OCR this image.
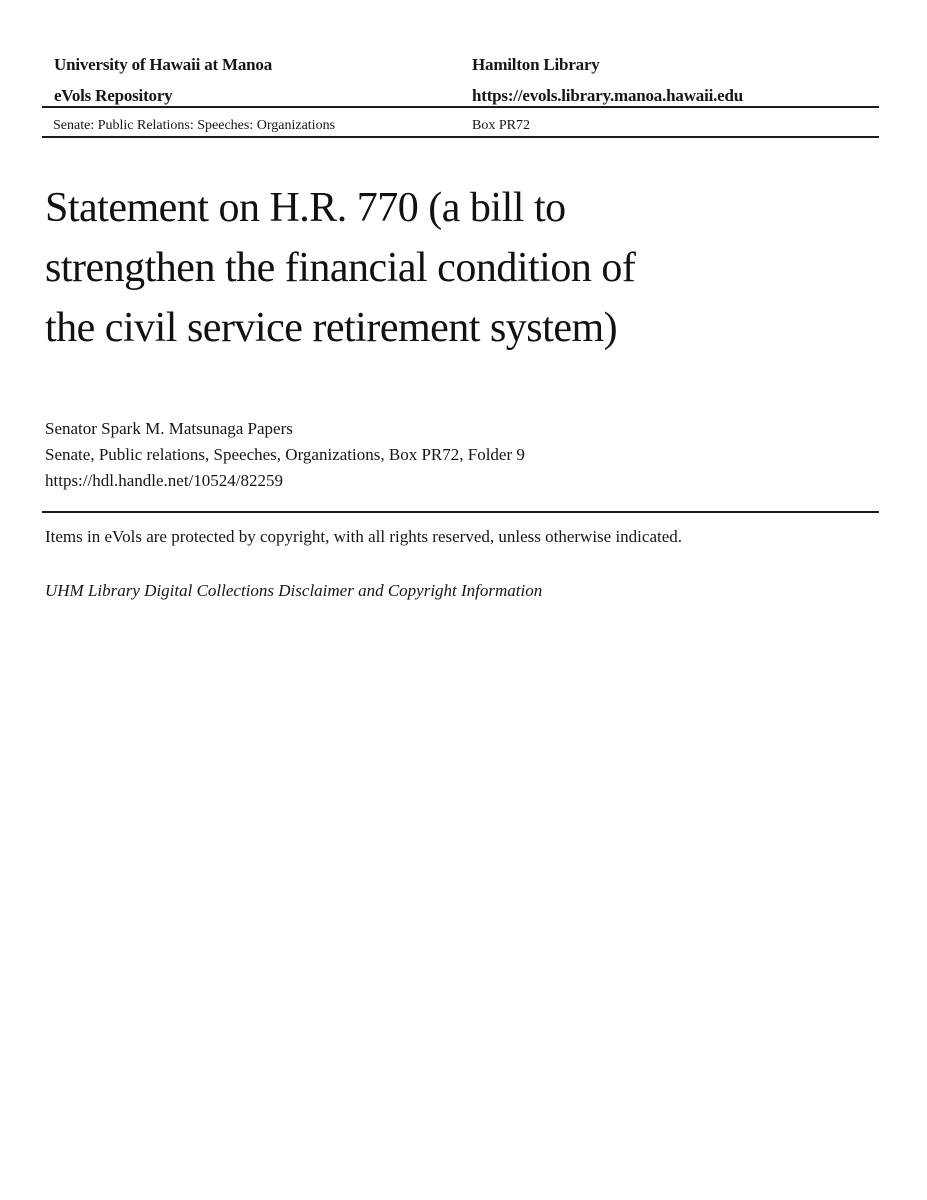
University of Hawaii at Manoa	Hamilton Library
eVols Repository	https://evols.library.manoa.hawaii.edu
Senate: Public Relations: Speeches: Organizations	Box PR72
Statement on H.R. 770 (a bill to
strengthen the financial condition of
the civil service retirement system)
Senator Spark M. Matsunaga Papers
Senate, Public relations, Speeches, Organizations, Box PR72, Folder 9
https://hdl.handle.net/10524/82259
Items in eVols are protected by copyright, with all rights reserved, unless otherwise indicated.
UHM Library Digital Collections Disclaimer and Copyright Information
